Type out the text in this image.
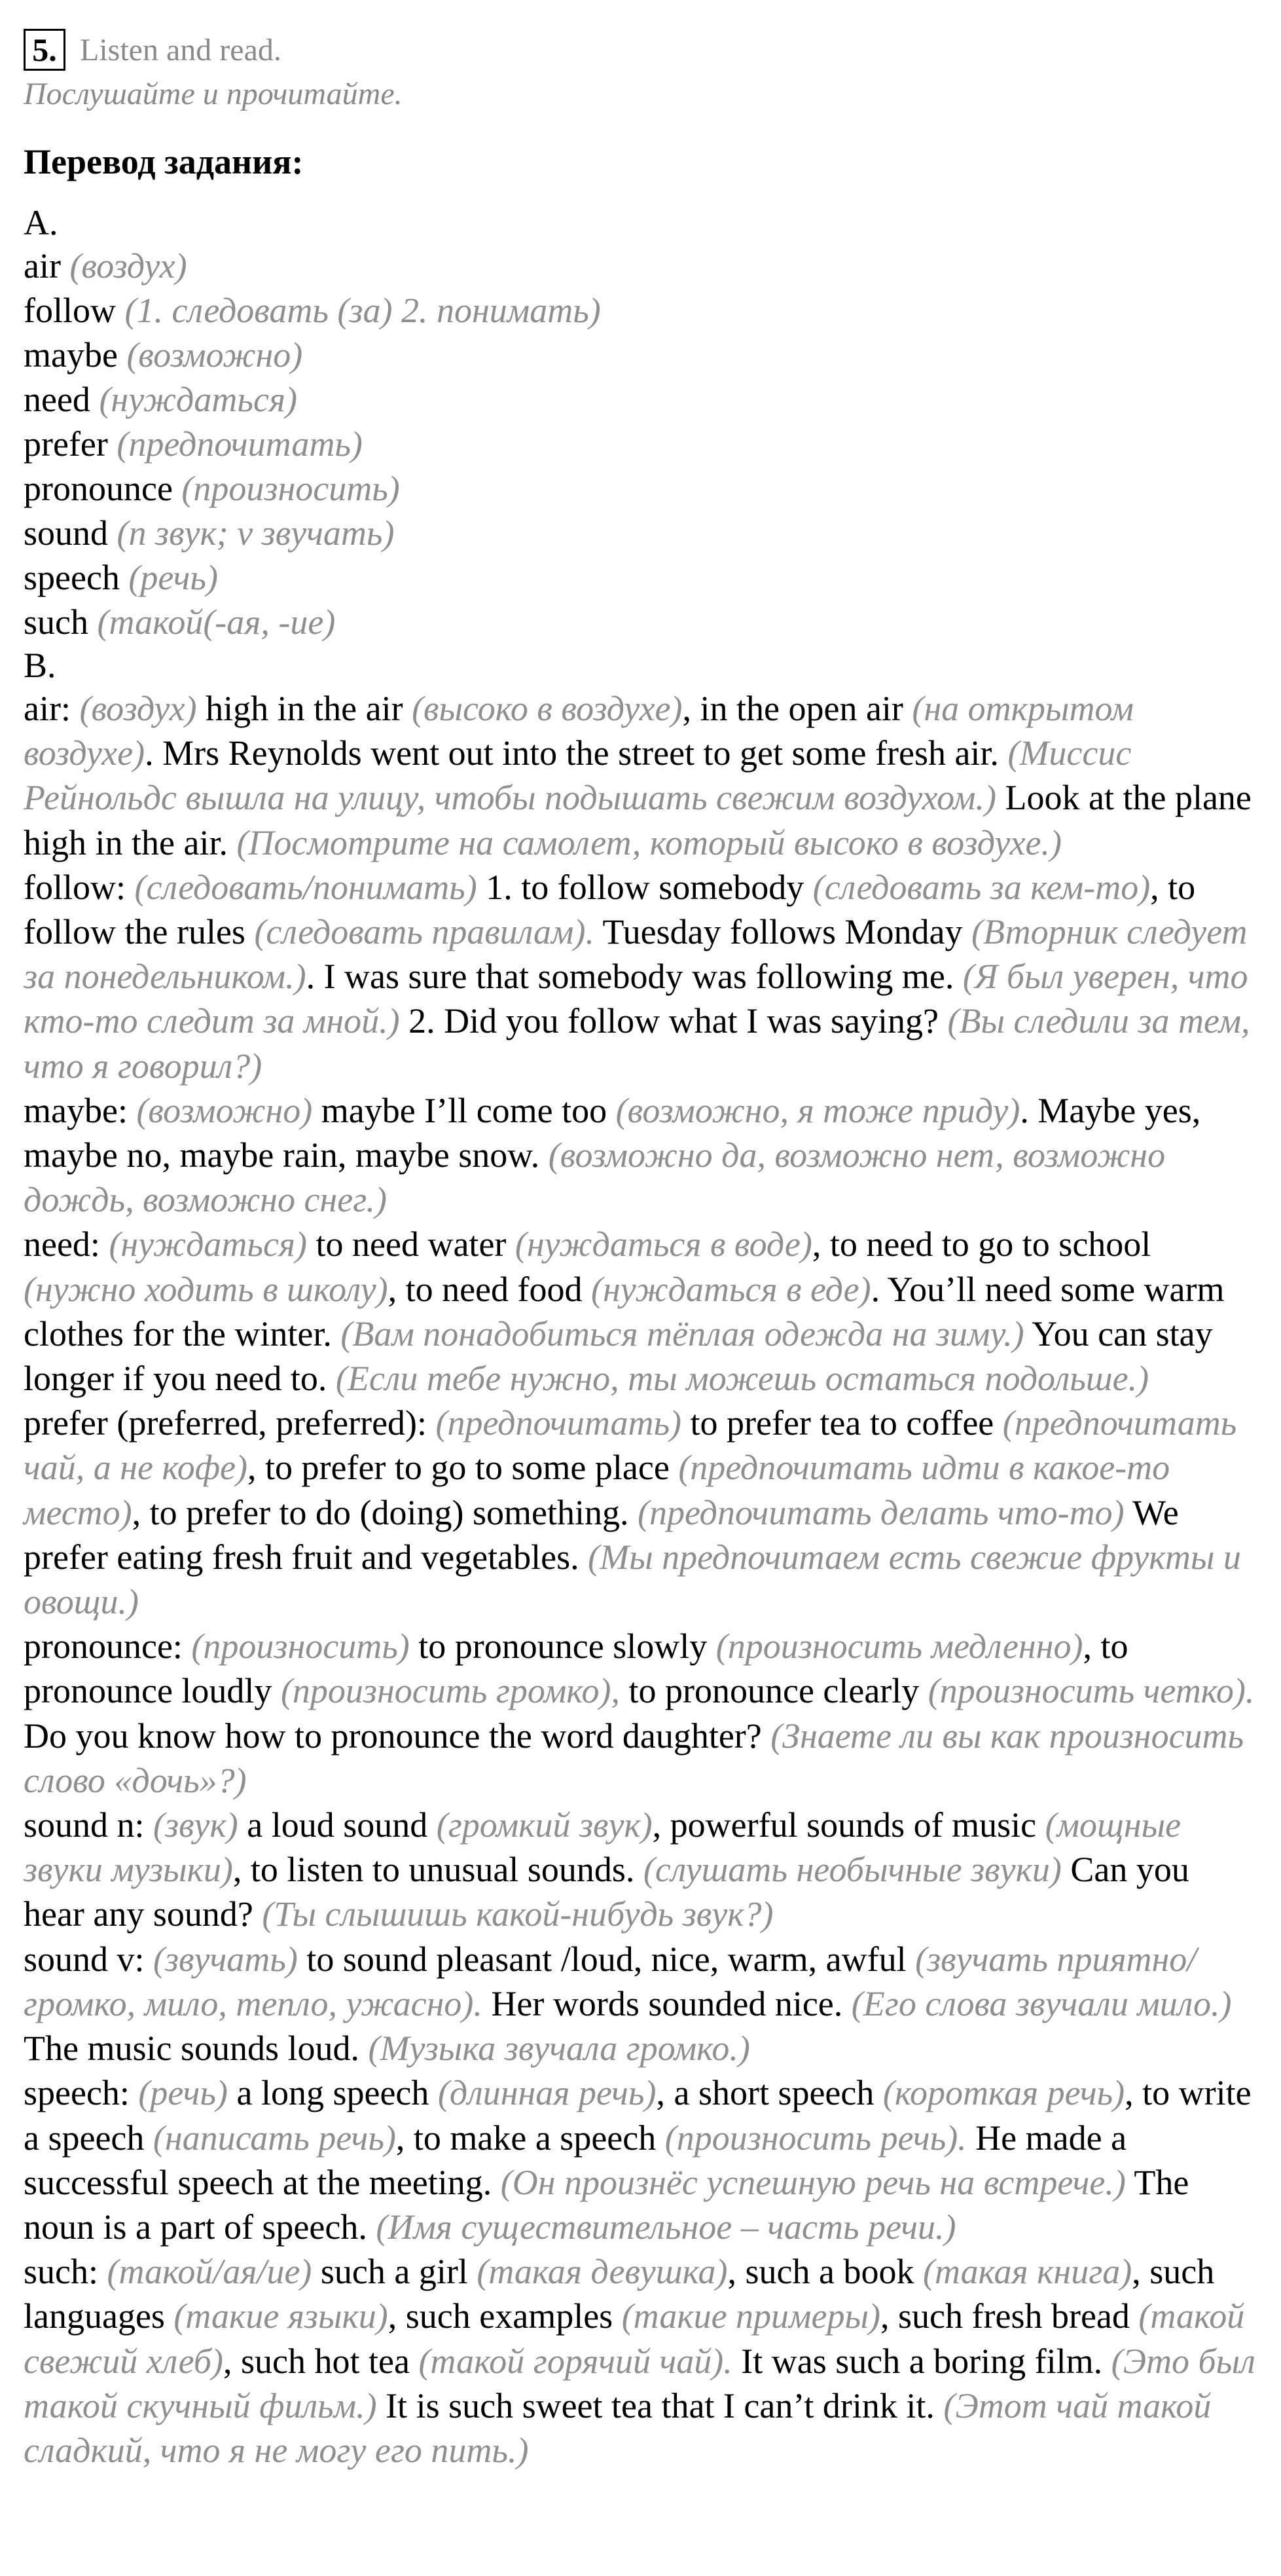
5. Listen and read.
Послушайте и прочитайте.
Перевод задания:
A.
air (воздух)
follow (1. следовать (за) 2. понимать)
maybe (возможно)
need (нуждаться)
prefer (предпочитать)
pronounce (произносить)
sound (n звук; v звучать)
speech (речь)
such (такой(-ая, -ие)
B.

air: (воздух) high in the air (высоко в воздухе), in the open air (на открытом воздухе). Mrs Reynolds went out into the street to get some fresh air. (Миссис Рейнольдс вышла на улицу, чтобы подышать свежим воздухом.) Look at the plane high in the air. (Посмотрите на самолет, который высоко в воздухе.)

follow: (следовать/понимать) 1. to follow somebody (следовать за кем-то), to follow the rules (следовать правилам). Tuesday follows Monday (Вторник следует за понедельником.). I was sure that somebody was following me. (Я был уверен, что кто-то следит за мной.) 2. Did you follow what I was saying? (Вы следили за тем, что я говорил?)

maybe: (возможно) maybe I’ll come too (возможно, я тоже приду). Maybe yes, maybe no, maybe rain, maybe snow. (возможно да, возможно нет, возможно дождь, возможно снег.)

need: (нуждаться) to need water (нуждаться в воде), to need to go to school (нужно ходить в школу), to need food (нуждаться в еде). You’ll need some warm clothes for the winter. (Вам понадобиться тёплая одежда на зиму.) You can stay longer if you need to. (Если тебе нужно, ты можешь остаться подольше.)

prefer (preferred, preferred): (предпочитать) to prefer tea to coffee (предпочитать чай, а не кофе), to prefer to go to some place (предпочитать идти в какое-то место), to prefer to do (doing) something. (предпочитать делать что-то) We prefer eating fresh fruit and vegetables. (Мы предпочитаем есть свежие фрукты и овощи.)

pronounce: (произносить) to pronounce slowly (произносить медленно), to pronounce loudly (произносить громко), to pronounce clearly (произносить четко). Do you know how to pronounce the word daughter? (Знаете ли вы как произносить слово «дочь»?)

sound n: (звук) a loud sound (громкий звук), powerful sounds of music (мощные звуки музыки), to listen to unusual sounds. (слушать необычные звуки) Can you hear any sound? (Ты слышишь какой-нибудь звук?)

sound v: (звучать) to sound pleasant /loud, nice, warm, awful (звучать приятно/ громко, мило, тепло, ужасно). Her words sounded nice. (Его слова звучали мило.) The music sounds loud. (Музыка звучала громко.)

speech: (речь) a long speech (длинная речь), a short speech (короткая речь), to write a speech (написать речь), to make a speech (произносить речь). He made a successful speech at the meeting. (Он произнёс успешную речь на встрече.) The noun is a part of speech. (Имя существительное – часть речи.)

such: (такой/ая/ие) such a girl (такая девушка), such a book (такая книга), such languages (такие языки), such examples (такие примеры), such fresh bread (такой свежий хлеб), such hot tea (такой горячий чай). It was such a boring film. (Это был такой скучный фильм.) It is such sweet tea that I can’t drink it. (Этот чай такой сладкий, что я не могу его пить.)
